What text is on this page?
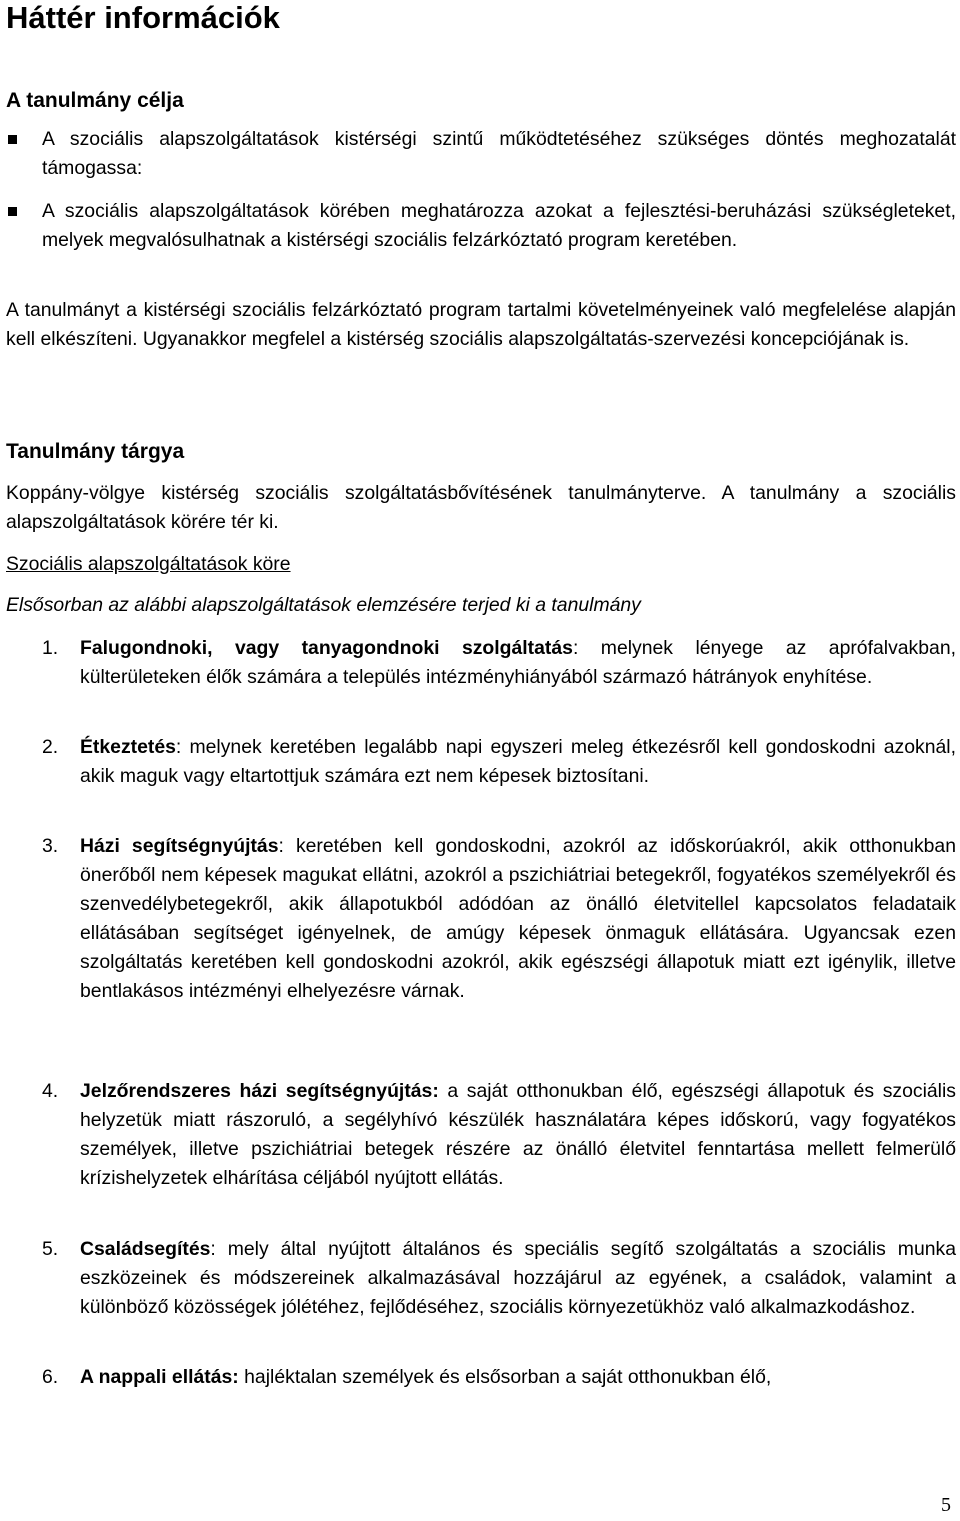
Háttér információk
A tanulmány célja

A szociális alapszolgáltatások kistérségi szintű működtetéséhez szükséges döntés meghozatalát támogassa:

A szociális alapszolgáltatások körében meghatározza azokat a fejlesztési-beruházási szükségleteket, melyek megvalósulhatnak a kistérségi szociális felzárkóztató program keretében.

A tanulmányt a kistérségi szociális felzárkóztató program tartalmi követelményeinek való megfelelése alapján kell elkészíteni. Ugyanakkor megfelel a kistérség szociális alapszolgáltatás-szervezési koncepciójának is.

Tanulmány tárgya

Koppány-völgye kistérség szociális szolgáltatásbővítésének tanulmányterve. A tanulmány a szociális alapszolgáltatások körére tér ki.

Szociális alapszolgáltatások köre

Elsősorban az alábbi alapszolgáltatások elemzésére terjed ki a tanulmány

1. Falugondnoki, vagy tanyagondnoki szolgáltatás: melynek lényege az aprófalvakban, külterületeken élők számára a település intézményhiányából származó hátrányok enyhítése.

2. Étkeztetés: melynek keretében legalább napi egyszeri meleg étkezésről kell gondoskodni azoknál, akik maguk vagy eltartottjuk számára ezt nem képesek biztosítani.

3. Házi segítségnyújtás: keretében kell gondoskodni, azokról az időskorúakról, akik otthonukban önerőből nem képesek magukat ellátni, azokról a pszichiátriai betegekről, fogyatékos személyekről és szenvedélybetegekről, akik állapotukból adódóan az önálló életvitellel kapcsolatos feladataik ellátásában segítséget igényelnek, de amúgy képesek önmaguk ellátására. Ugyancsak ezen szolgáltatás keretében kell gondoskodni azokról, akik egészségi állapotuk miatt ezt igénylik, illetve bentlakásos intézményi elhelyezésre várnak.

4. Jelzőrendszeres házi segítségnyújtás: a saját otthonukban élő, egészségi állapotuk és szociális helyzetük miatt rászoruló, a segélyhívó készülék használatára képes időskorú, vagy fogyatékos személyek, illetve pszichiátriai betegek részére az önálló életvitel fenntartása mellett felmerülő krízishelyzetek elhárítása céljából nyújtott ellátás.

5. Családsegítés: mely által nyújtott általános és speciális segítő szolgáltatás a szociális munka eszközeinek és módszereinek alkalmazásával hozzájárul az egyének, a családok, valamint a különböző közösségek jólétéhez, fejlődéséhez, szociális környezetükhöz való alkalmazkodáshoz.

6. A nappali ellátás: hajléktalan személyek és elsősorban a saját otthonukban élő,

5
